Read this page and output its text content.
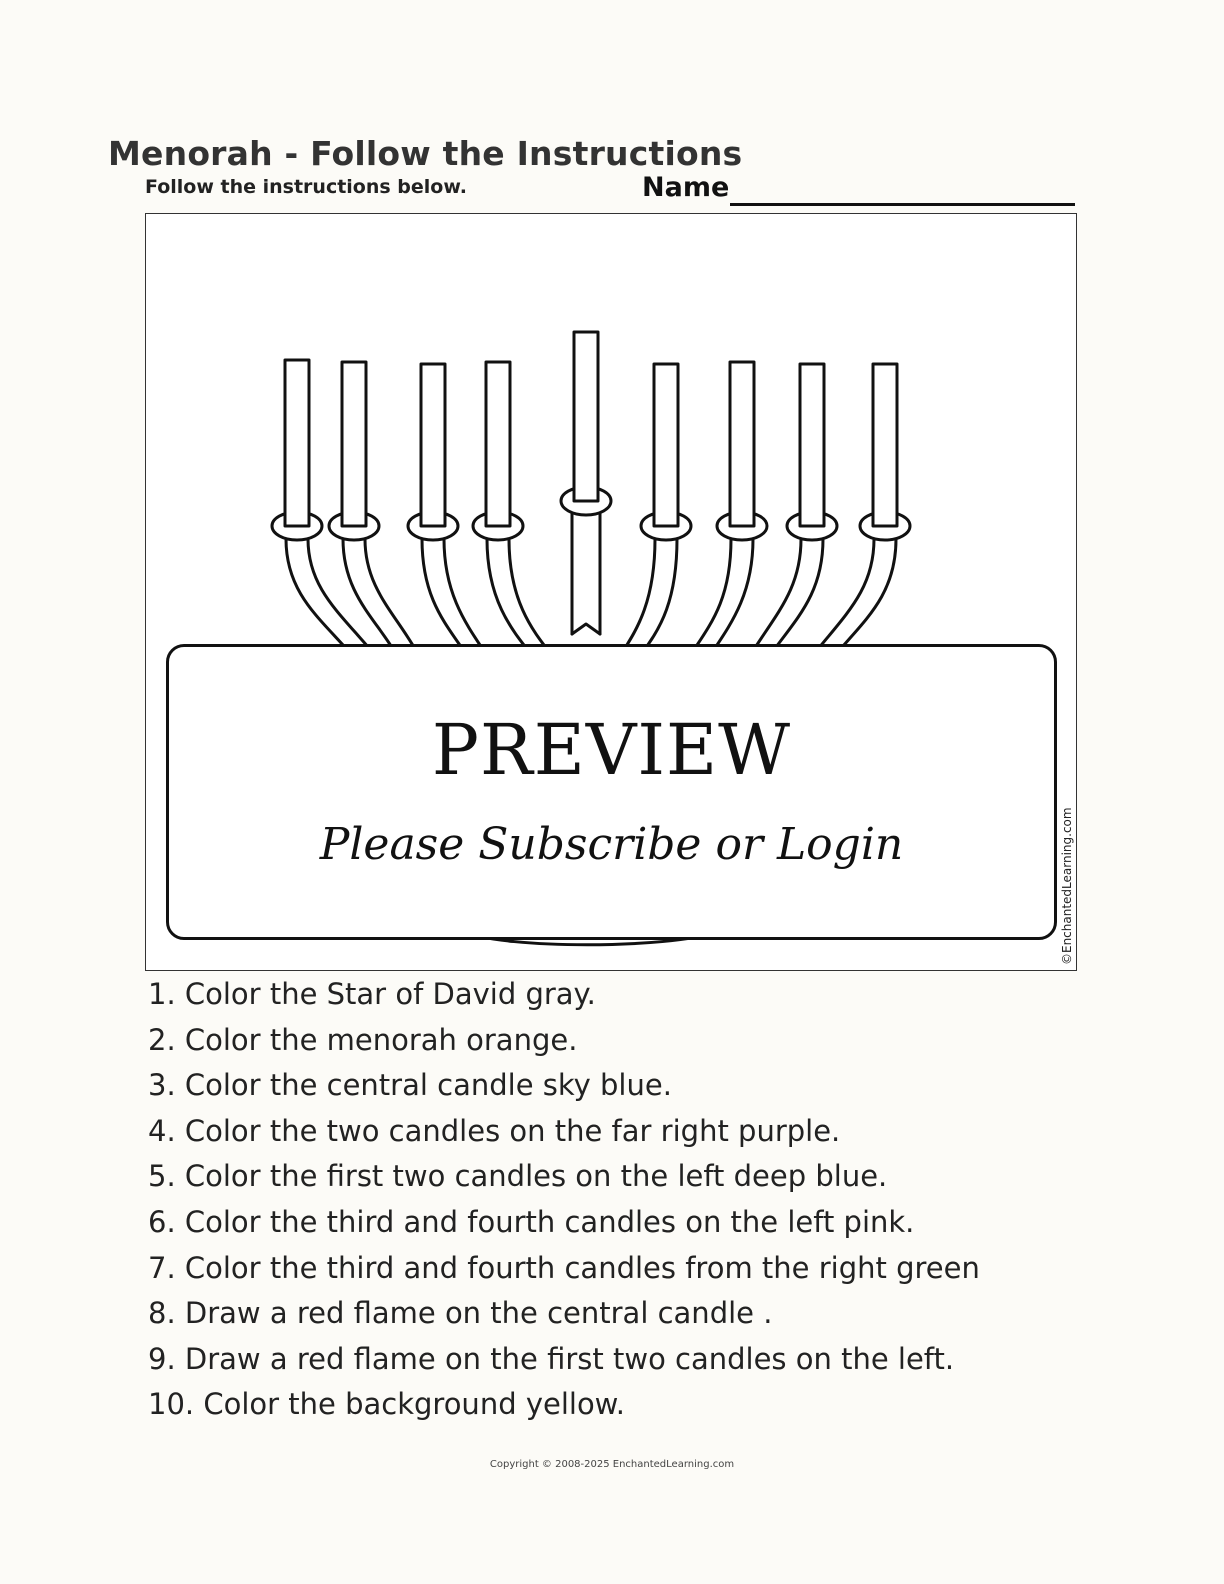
Menorah - Follow the Instructions
Follow the instructions below.	Name
©EnchantedLearning.com
PREVIEW
Please Subscribe or Login
1. Color the Star of David gray.
2. Color the menorah orange.
3. Color the central candle sky blue.
4. Color the two candles on the far right purple.
5. Color the first two candles on the left deep blue.
6. Color the third and fourth candles on the left pink.
7. Color the third and fourth candles from the right green
8. Draw a red flame on the central candle .
9. Draw a red flame on the first two candles on the left.
10. Color the background yellow.
Copyright © 2008-2025 EnchantedLearning.com
